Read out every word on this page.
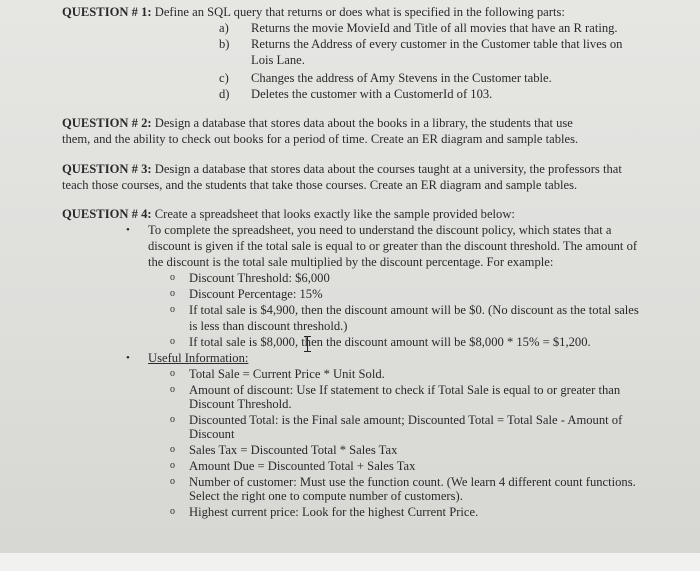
QUESTION # 1: Define an SQL query that returns or does what is specified in the following parts:
a) Returns the movie MovieId and Title of all movies that have an R rating.
b) Returns the Address of every customer in the Customer table that lives on
Lois Lane.
c) Changes the address of Amy Stevens in the Customer table.
d) Deletes the customer with a CustomerId of 103.
QUESTION # 2: Design a database that stores data about the books in a library, the students that use
them, and the ability to check out books for a period of time. Create an ER diagram and sample tables.
QUESTION # 3: Design a database that stores data about the courses taught at a university, the professors that
teach those courses, and the students that take those courses. Create an ER diagram and sample tables.
QUESTION # 4: Create a spreadsheet that looks exactly like the sample provided below:
• To complete the spreadsheet, you need to understand the discount policy, which states that a
discount is given if the total sale is equal to or greater than the discount threshold. The amount of
the discount is the total sale multiplied by the discount percentage. For example:
o Discount Threshold: $6,000
o Discount Percentage: 15%
o If total sale is $4,900, then the discount amount will be $0. (No discount as the total sales
is less than discount threshold.)
o If total sale is $8,000, then the discount amount will be $8,000 * 15% = $1,200.
• Useful Information:
o Total Sale = Current Price * Unit Sold.
o Amount of discount: Use If statement to check if Total Sale is equal to or greater than
Discount Threshold.
o Discounted Total: is the Final sale amount; Discounted Total = Total Sale - Amount of
Discount
o Sales Tax = Discounted Total * Sales Tax
o Amount Due = Discounted Total + Sales Tax
o Number of customer: Must use the function count. (We learn 4 different count functions.
Select the right one to compute number of customers).
o Highest current price: Look for the highest Current Price.
